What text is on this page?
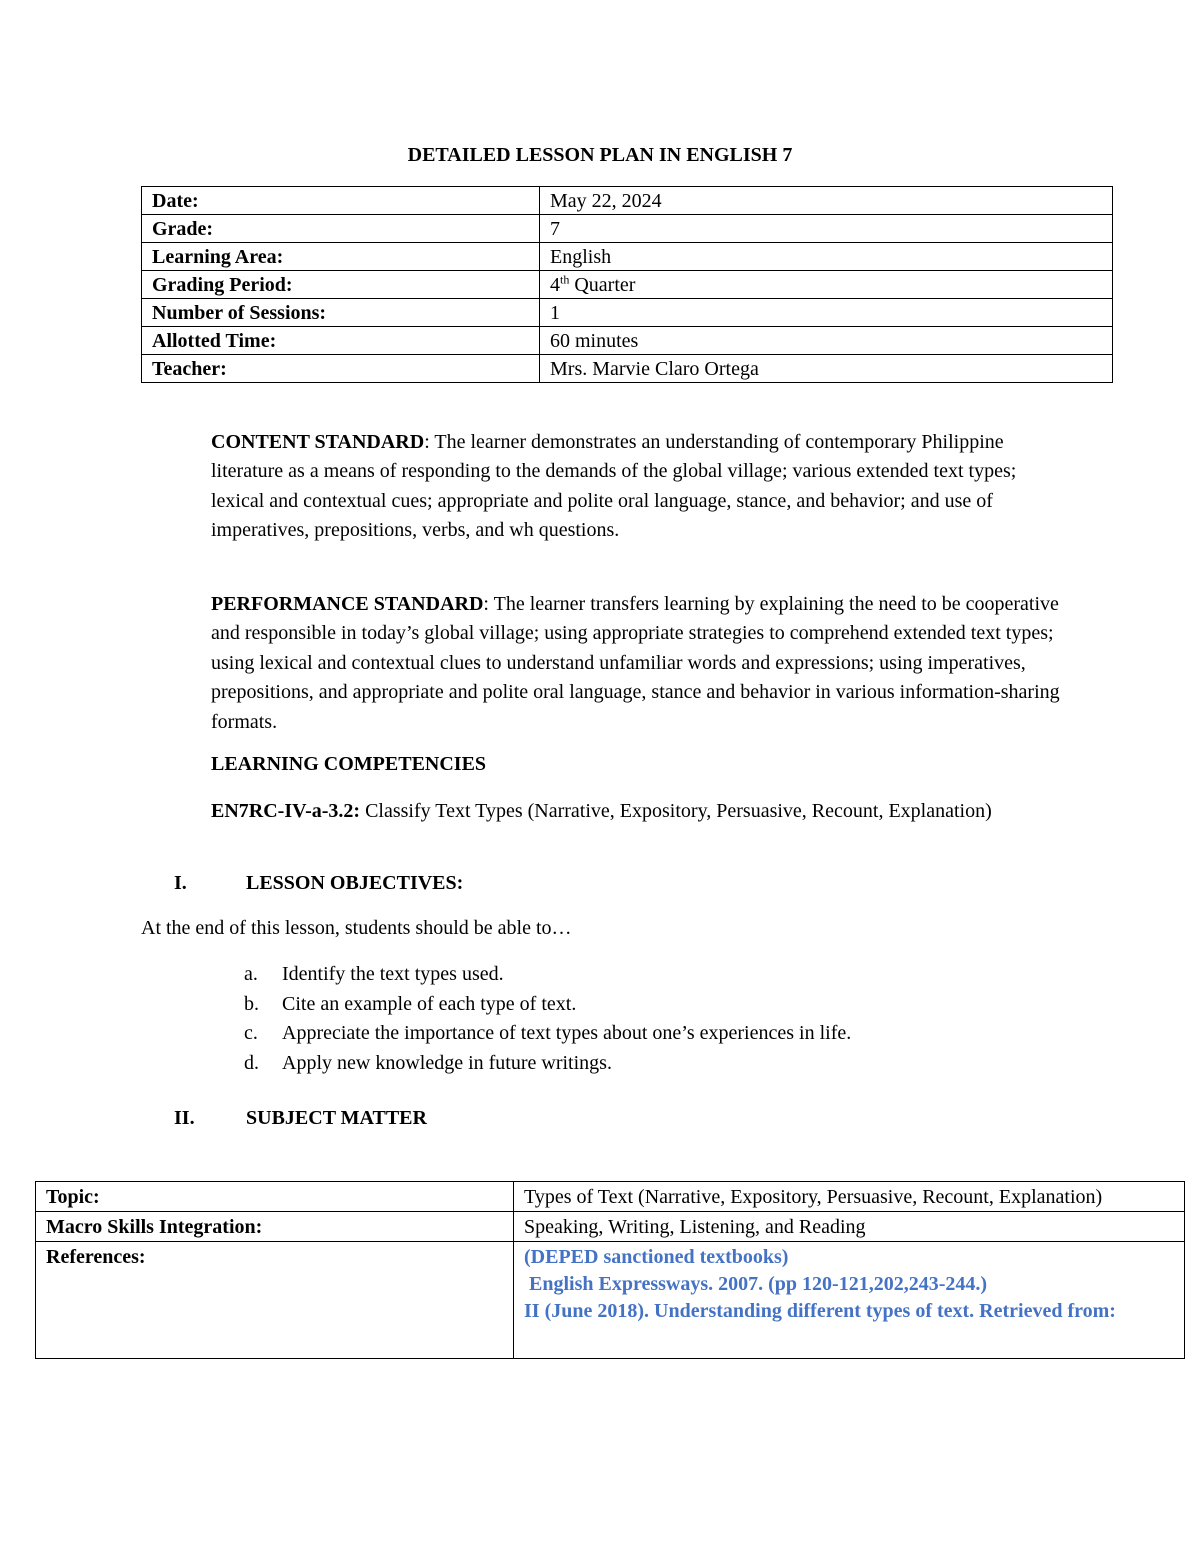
DETAILED LESSON PLAN IN ENGLISH 7
Date:	May 22, 2024
Grade:	7
Learning Area:	English
Grading Period:	4th Quarter
Number of Sessions:	1
Allotted Time:	60 minutes
Teacher:	Mrs. Marvie Claro Ortega

CONTENT STANDARD: The learner demonstrates an understanding of contemporary Philippine literature as a means of responding to the demands of the global village; various extended text types; lexical and contextual cues; appropriate and polite oral language, stance, and behavior; and use of imperatives, prepositions, verbs, and wh questions.

PERFORMANCE STANDARD: The learner transfers learning by explaining the need to be cooperative and responsible in today’s global village; using appropriate strategies to comprehend extended text types; using lexical and contextual clues to understand unfamiliar words and expressions; using imperatives, prepositions, and appropriate and polite oral language, stance and behavior in various information-sharing formats.

LEARNING COMPETENCIES

EN7RC-IV-a-3.2: Classify Text Types (Narrative, Expository, Persuasive, Recount, Explanation)

I.	LESSON OBJECTIVES:
At the end of this lesson, students should be able to…
a.	Identify the text types used.
b.	Cite an example of each type of text.
c.	Appreciate the importance of text types about one’s experiences in life.
d.	Apply new knowledge in future writings.
II.	SUBJECT MATTER
Topic:	Types of Text (Narrative, Expository, Persuasive, Recount, Explanation)
Macro Skills Integration:	Speaking, Writing, Listening, and Reading
References:	(DEPED sanctioned textbooks)
English Expressways. 2007. (pp 120-121,202,243-244.)
II (June 2018). Understanding different types of text. Retrieved from:
